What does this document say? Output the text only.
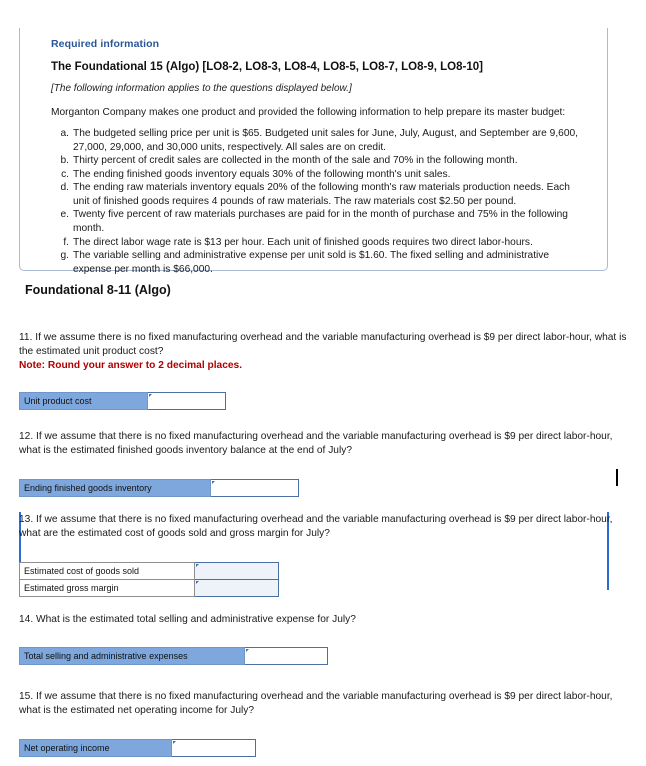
Required information
The Foundational 15 (Algo) [LO8-2, LO8-3, LO8-4, LO8-5, LO8-7, LO8-9, LO8-10]
[The following information applies to the questions displayed below.]
Morganton Company makes one product and provided the following information to help prepare its master budget:
a. The budgeted selling price per unit is $65. Budgeted unit sales for June, July, August, and September are 9,600, 27,000, 29,000, and 30,000 units, respectively. All sales are on credit.
b. Thirty percent of credit sales are collected in the month of the sale and 70% in the following month.
c. The ending finished goods inventory equals 30% of the following month's unit sales.
d. The ending raw materials inventory equals 20% of the following month's raw materials production needs. Each unit of finished goods requires 4 pounds of raw materials. The raw materials cost $2.50 per pound.
e. Twenty five percent of raw materials purchases are paid for in the month of purchase and 75% in the following month.
f. The direct labor wage rate is $13 per hour. Each unit of finished goods requires two direct labor-hours.
g. The variable selling and administrative expense per unit sold is $1.60. The fixed selling and administrative expense per month is $66,000.
Foundational 8-11 (Algo)

11. If we assume there is no fixed manufacturing overhead and the variable manufacturing overhead is $9 per direct labor-hour, what is the estimated unit product cost?

Note: Round your answer to 2 decimal places.

Unit product cost	

12. If we assume that there is no fixed manufacturing overhead and the variable manufacturing overhead is $9 per direct labor-hour, what is the estimated finished goods inventory balance at the end of July?

Ending finished goods inventory	

13. If we assume that there is no fixed manufacturing overhead and the variable manufacturing overhead is $9 per direct labor-hour, what are the estimated cost of goods sold and gross margin for July?

Estimated cost of goods sold	
Estimated gross margin	

14. What is the estimated total selling and administrative expense for July?

Total selling and administrative expenses	

15. If we assume that there is no fixed manufacturing overhead and the variable manufacturing overhead is $9 per direct labor-hour, what is the estimated net operating income for July?

Net operating income	
